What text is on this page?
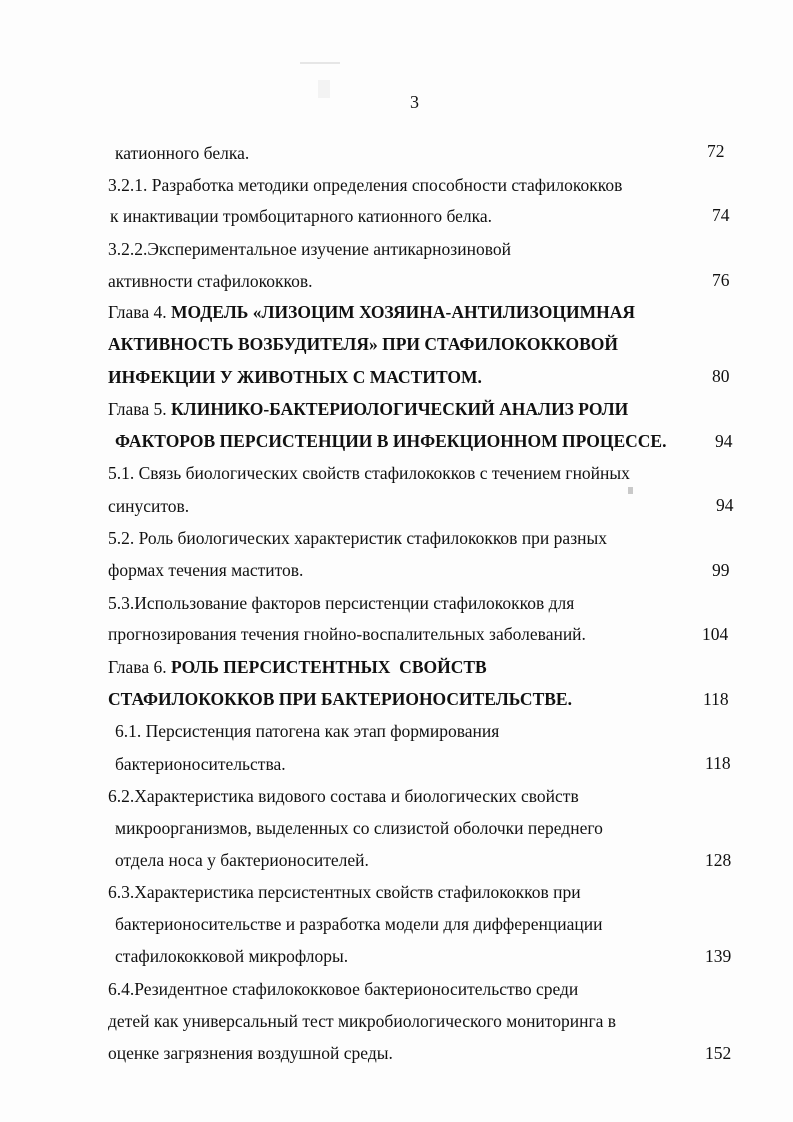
3
катионного белка.	72
3.2.1. Разработка методики определения способности стафилококков
к инактивации тромбоцитарного катионного белка.	74
3.2.2.Экспериментальное изучение антикарнозиновой
активности стафилококков.	76
Глава 4. МОДЕЛЬ «ЛИЗОЦИМ ХОЗЯИНА-АНТИЛИЗОЦИМНАЯ
АКТИВНОСТЬ ВОЗБУДИТЕЛЯ» ПРИ СТАФИЛОКОККОВОЙ
ИНФЕКЦИИ У ЖИВОТНЫХ С МАСТИТОМ.	80
Глава 5. КЛИНИКО-БАКТЕРИОЛОГИЧЕСКИЙ АНАЛИЗ РОЛИ
ФАКТОРОВ ПЕРСИСТЕНЦИИ В ИНФЕКЦИОННОМ ПРОЦЕССЕ.	94
5.1. Связь биологических свойств стафилококков с течением гнойных
синуситов.	94
5.2. Роль биологических характеристик стафилококков при разных
формах течения маститов.	99
5.3.Использование факторов персистенции стафилококков для
прогнозирования течения гнойно-воспалительных заболеваний.	104
Глава 6. РОЛЬ ПЕРСИСТЕНТНЫХ  СВОЙСТВ
СТАФИЛОКОККОВ ПРИ БАКТЕРИОНОСИТЕЛЬСТВЕ.	118
6.1. Персистенция патогена как этап формирования
бактерионосительства.	118
6.2.Характеристика видового состава и биологических свойств
микроорганизмов, выделенных со слизистой оболочки переднего
отдела носа у бактерионосителей.	128
6.3.Характеристика персистентных свойств стафилококков при
бактерионосительстве и разработка модели для дифференциации
стафилококковой микрофлоры.	139
6.4.Резидентное стафилококковое бактерионосительство среди
детей как универсальный тест микробиологического мониторинга в
оценке загрязнения воздушной среды.	152
